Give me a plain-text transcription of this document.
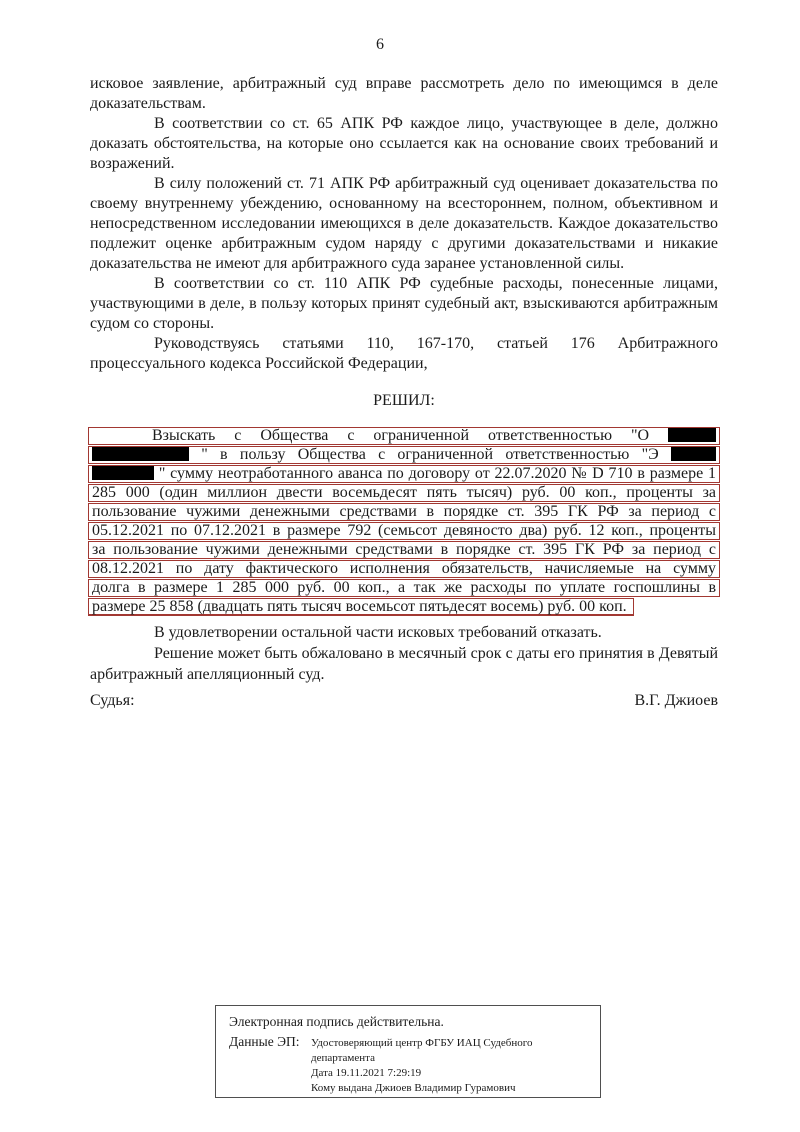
6

исковое заявление, арбитражный суд вправе рассмотреть дело по имеющимся в деле доказательствам.

В соответствии со ст. 65 АПК РФ каждое лицо, участвующее в деле, должно доказать обстоятельства, на которые оно ссылается как на основание своих требований и возражений.

В силу положений ст. 71 АПК РФ арбитражный суд оценивает доказательства по своему внутреннему убеждению, основанному на всестороннем, полном, объективном и непосредственном исследовании имеющихся в деле доказательств. Каждое доказательство подлежит оценке арбитражным судом наряду с другими доказательствами и никакие доказательства не имеют для арбитражного суда заранее установленной силы.

В соответствии со ст. 110 АПК РФ судебные расходы, понесенные лицами, участвующими в деле, в пользу которых принят судебный акт, взыскиваются арбитражным судом со стороны.

Руководствуясь статьями 110, 167-170, статьей 176 Арбитражного процессуального кодекса Российской Федерации,

РЕШИЛ:
Взыскать с Общества с ограниченной ответственностью "О
" в пользу Общества с ограниченной ответственностью "Э
" сумму неотработанного аванса по договору от 22.07.2020 № D 710 в размере 1
285 000 (один миллион двести восемьдесят пять тысяч) руб. 00 коп., проценты за
пользование чужими денежными средствами в порядке ст. 395 ГК РФ за период с
05.12.2021 по 07.12.2021 в размере 792 (семьсот девяносто два) руб. 12 коп., проценты
за пользование чужими денежными средствами в порядке ст. 395 ГК РФ за период с
08.12.2021 по дату фактического исполнения обязательств, начисляемые на сумму
долга в размере 1 285 000 руб. 00 коп., а так же расходы по уплате госпошлины в
размере 25 858 (двадцать пять тысяч восемьсот пятьдесят восемь) руб. 00 коп.

В удовлетворении остальной части исковых требований отказать.

Решение может быть обжаловано в месячный срок с даты его принятия в Девятый арбитражный апелляционный суд.

Судья:	В.Г. Джиоев
Электронная подпись действительна.
Данные ЭП:	Удостоверяющий центр ФГБУ ИАЦ Судебного
департамента
Дата 19.11.2021 7:29:19
Кому выдана Джиоев Владимир Гурамович
